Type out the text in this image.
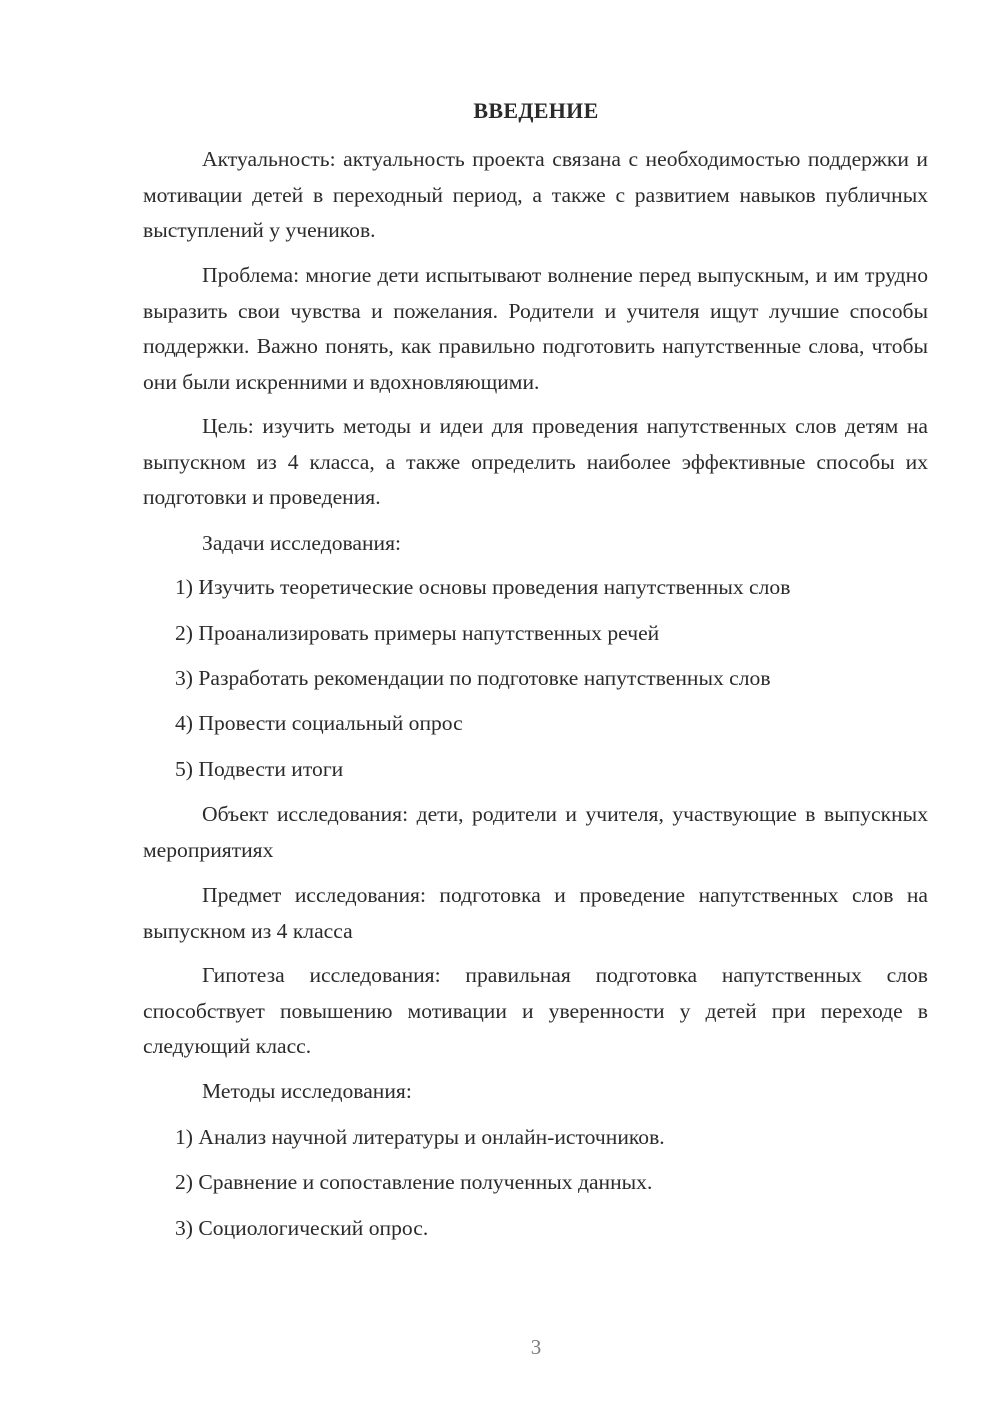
ВВЕДЕНИЕ

Актуальность: актуальность проекта связана с необходимостью поддержки и мотивации детей в переходный период, а также с развитием навыков публичных выступлений у учеников.

Проблема: многие дети испытывают волнение перед выпускным, и им трудно выразить свои чувства и пожелания. Родители и учителя ищут лучшие способы поддержки. Важно понять, как правильно подготовить напутственные слова, чтобы они были искренними и вдохновляющими.

Цель: изучить методы и идеи для проведения напутственных слов детям на выпускном из 4 класса, а также определить наиболее эффективные способы их подготовки и проведения.

Задачи исследования:

1) Изучить теоретические основы проведения напутственных слов
2) Проанализировать примеры напутственных речей
3) Разработать рекомендации по подготовке напутственных слов
4) Провести социальный опрос
5) Подвести итоги

Объект исследования: дети, родители и учителя, участвующие в выпускных мероприятиях

Предмет исследования: подготовка и проведение напутственных слов на выпускном из 4 класса

Гипотеза исследования: правильная подготовка напутственных слов способствует повышению мотивации и уверенности у детей при переходе в следующий класс.

Методы исследования:

1) Анализ научной литературы и онлайн-источников.
2) Сравнение и сопоставление полученных данных.
3) Социологический опрос.
3
